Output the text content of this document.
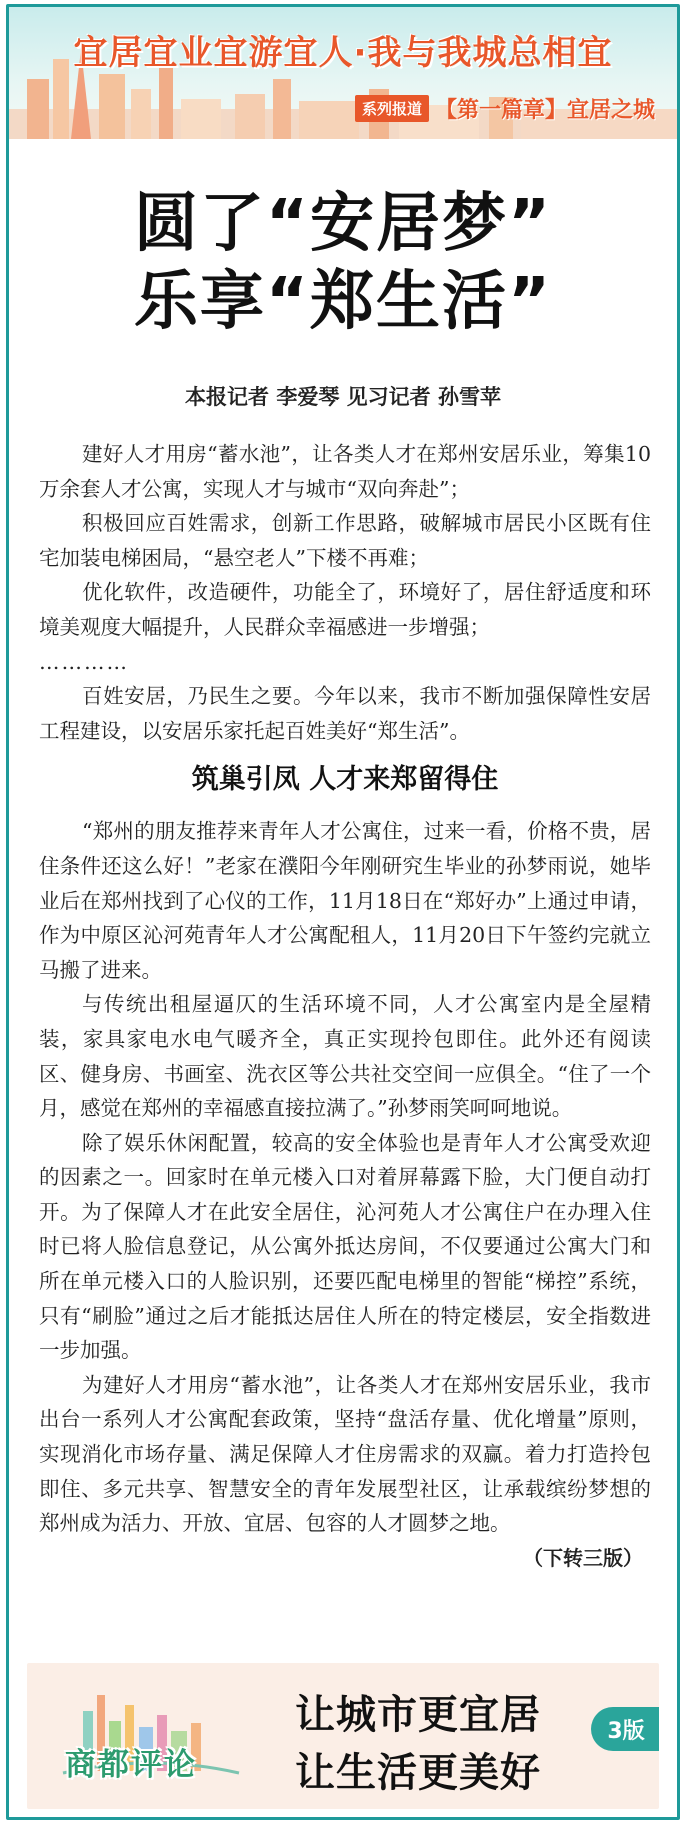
宜居宜业宜游宜人·我与我城总相宜
系列报道 【第一篇章】宜居之城
圆了“安居梦”
乐享“郑生活”
本报记者 李爱琴 见习记者 孙雪苹

建好人才用房“蓄水池”，让各类人才在郑州安居乐业，筹集10万余套人才公寓，实现人才与城市“双向奔赴”；

积极回应百姓需求，创新工作思路，破解城市居民小区既有住宅加装电梯困局，“悬空老人”下楼不再难；

优化软件，改造硬件，功能全了，环境好了，居住舒适度和环境美观度大幅提升，人民群众幸福感进一步增强；

…………

百姓安居，乃民生之要。今年以来，我市不断加强保障性安居工程建设，以安居乐家托起百姓美好“郑生活”。

筑巢引凤 人才来郑留得住

“郑州的朋友推荐来青年人才公寓住，过来一看，价格不贵，居住条件还这么好！”老家在濮阳今年刚研究生毕业的孙梦雨说，她毕业后在郑州找到了心仪的工作，11月18日在“郑好办”上通过申请，作为中原区沁河苑青年人才公寓配租人，11月20日下午签约完就立马搬了进来。

与传统出租屋逼仄的生活环境不同，人才公寓室内是全屋精装，家具家电水电气暖齐全，真正实现拎包即住。此外还有阅读区、健身房、书画室、洗衣区等公共社交空间一应俱全。“住了一个月，感觉在郑州的幸福感直接拉满了。”孙梦雨笑呵呵地说。

除了娱乐休闲配置，较高的安全体验也是青年人才公寓受欢迎的因素之一。回家时在单元楼入口对着屏幕露下脸，大门便自动打开。为了保障人才在此安全居住，沁河苑人才公寓住户在办理入住时已将人脸信息登记，从公寓外抵达房间，不仅要通过公寓大门和所在单元楼入口的人脸识别，还要匹配电梯里的智能“梯控”系统，只有“刷脸”通过之后才能抵达居住人所在的特定楼层，安全指数进一步加强。

为建好人才用房“蓄水池”，让各类人才在郑州安居乐业，我市出台一系列人才公寓配套政策，坚持“盘活存量、优化增量”原则，实现消化市场存量、满足保障人才住房需求的双赢。着力打造拎包即住、多元共享、智慧安全的青年发展型社区，让承载缤纷梦想的郑州成为活力、开放、宜居、包容的人才圆梦之地。
（下转三版）

商都评论
让城市更宜居
让生活更美好
3版
